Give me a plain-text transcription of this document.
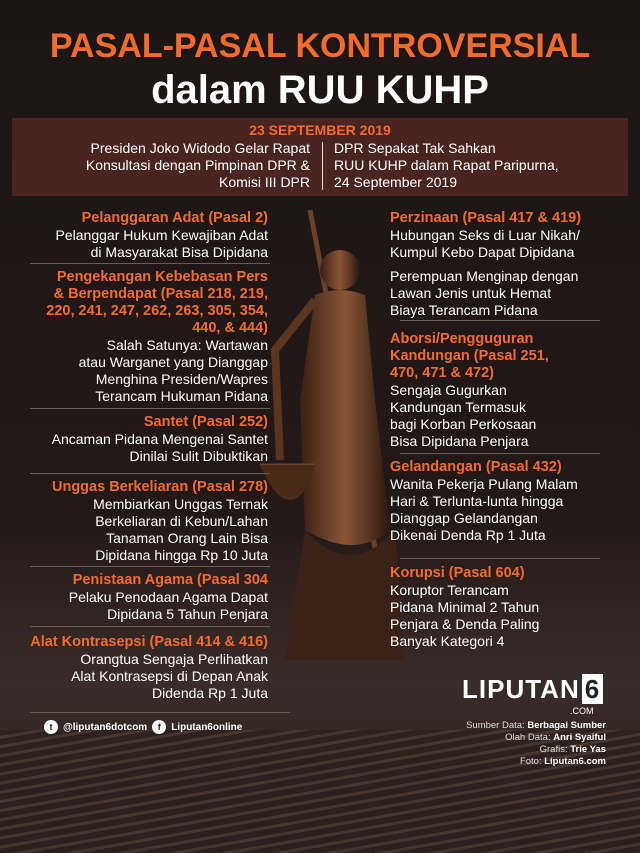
PASAL-PASAL KONTROVERSIAL
dalam RUU KUHP
23 SEPTEMBER 2019
Presiden Joko Widodo Gelar Rapat
Konsultasi dengan Pimpinan DPR &
Komisi III DPR
DPR Sepakat Tak Sahkan
RUU KUHP dalam Rapat Paripurna,
24 September 2019
Pelanggaran Adat (Pasal 2)
Pelanggar Hukum Kewajiban Adat
di Masyarakat Bisa Dipidana
Pengekangan Kebebasan Pers
& Berpendapat (Pasal 218, 219,
220, 241, 247, 262, 263, 305, 354,
440, & 444)
Salah Satunya: Wartawan
atau Warganet yang Dianggap
Menghina Presiden/Wapres
Terancam Hukuman Pidana
Santet (Pasal 252)
Ancaman Pidana Mengenai Santet
Dinilai Sulit Dibuktikan
Unggas Berkeliaran (Pasal 278)
Membiarkan Unggas Ternak
Berkeliaran di Kebun/Lahan
Tanaman Orang Lain Bisa
Dipidana hingga Rp 10 Juta
Penistaan Agama (Pasal 304
Pelaku Penodaan Agama Dapat
Dipidana 5 Tahun Penjara
Alat Kontrasepsi (Pasal 414 & 416)
Orangtua Sengaja Perlihatkan
Alat Kontrasepsi di Depan Anak
Didenda Rp 1 Juta
Perzinaan (Pasal 417 & 419)
Hubungan Seks di Luar Nikah/
Kumpul Kebo Dapat Dipidana
Perempuan Menginap dengan
Lawan Jenis untuk Hemat
Biaya Terancam Pidana
Aborsi/Pengguguran
Kandungan (Pasal 251,
470, 471 & 472)
Sengaja Gugurkan
Kandungan Termasuk
bagi Korban Perkosaan
Bisa Dipidana Penjara
Gelandangan (Pasal 432)
Wanita Pekerja Pulang Malam
Hari & Terlunta-lunta hingga
Dianggap Gelandangan
Dikenai Denda Rp 1 Juta
Korupsi (Pasal 604)
Koruptor Terancam
Pidana Minimal 2 Tahun
Penjara & Denda Paling
Banyak Kategori 4
LIPUTAN 6
.COM
t	@liputan6dotcom	f	Liputan6online	Sumber Data: Berbagai Sumber
Olah Data: Anri Syaiful
Grafis: Trie Yas
Foto: Liputan6.com
